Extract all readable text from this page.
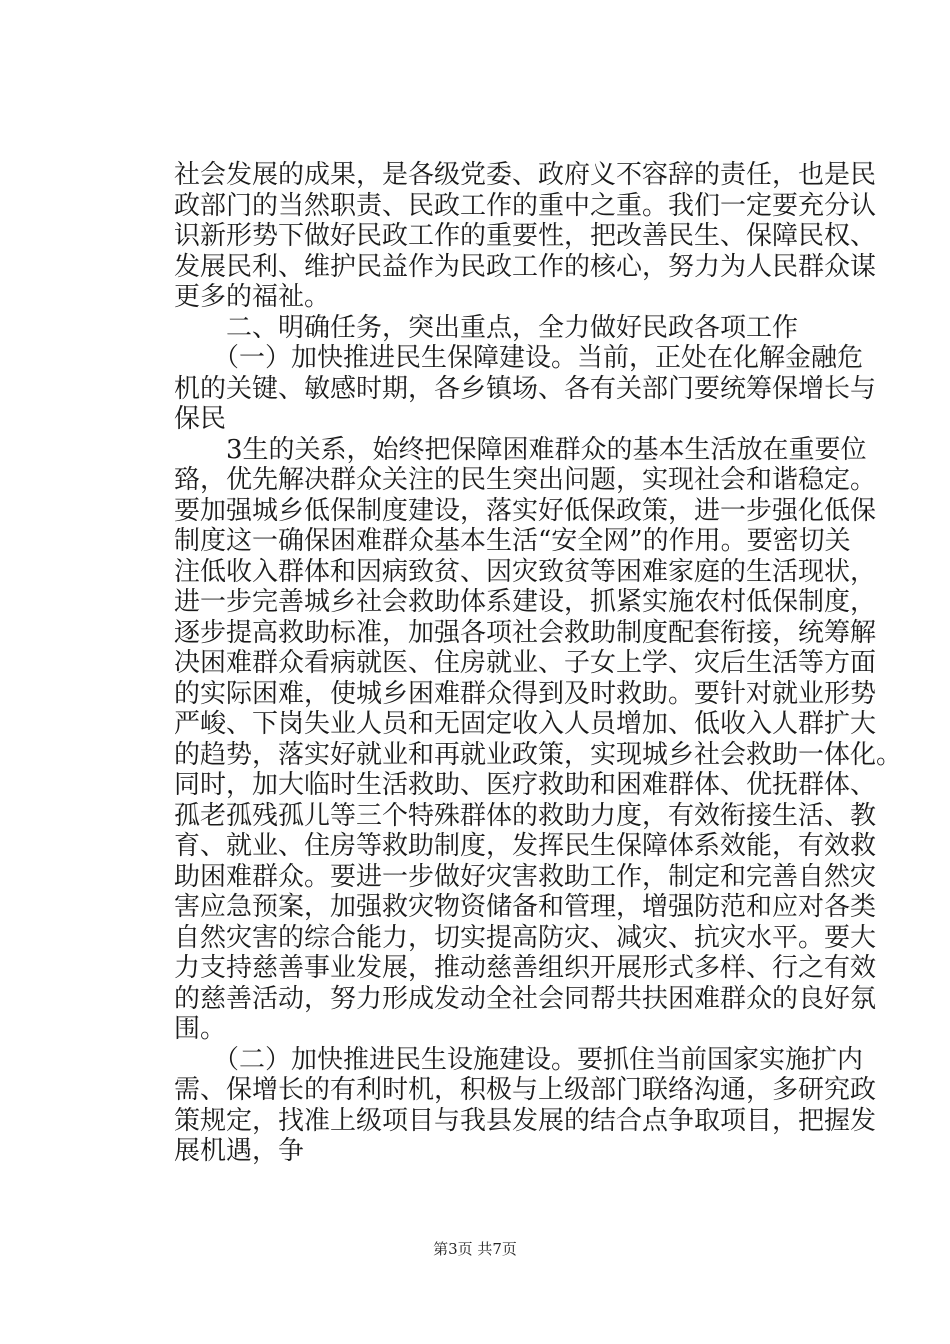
社会发展的成果，是各级党委、政府义不容辞的责任，也是民
政部门的当然职责、民政工作的重中之重。我们一定要充分认
识新形势下做好民政工作的重要性，把改善民生、保障民权、
发展民利、维护民益作为民政工作的核心，努力为人民群众谋
更多的福祉。
　　二、明确任务，突出重点，全力做好民政各项工作
　　（一）加快推进民生保障建设。当前，正处在化解金融危
机的关键、敏感时期，各乡镇场、各有关部门要统筹保增长与
保民
　　3生的关系，始终把保障困难群众的基本生活放在重要位
臵，优先解决群众关注的民生突出问题，实现社会和谐稳定。
要加强城乡低保制度建设，落实好低保政策，进一步强化低保
制度这一确保困难群众基本生活“安全网”的作用。要密切关
注低收入群体和因病致贫、因灾致贫等困难家庭的生活现状，
进一步完善城乡社会救助体系建设，抓紧实施农村低保制度，
逐步提高救助标准，加强各项社会救助制度配套衔接，统筹解
决困难群众看病就医、住房就业、子女上学、灾后生活等方面
的实际困难，使城乡困难群众得到及时救助。要针对就业形势
严峻、下岗失业人员和无固定收入人员增加、低收入人群扩大
的趋势，落实好就业和再就业政策，实现城乡社会救助一体化。
同时，加大临时生活救助、医疗救助和困难群体、优抚群体、
孤老孤残孤儿等三个特殊群体的救助力度，有效衔接生活、教
育、就业、住房等救助制度，发挥民生保障体系效能，有效救
助困难群众。要进一步做好灾害救助工作，制定和完善自然灾
害应急预案，加强救灾物资储备和管理，增强防范和应对各类
自然灾害的综合能力，切实提高防灾、减灾、抗灾水平。要大
力支持慈善事业发展，推动慈善组织开展形式多样、行之有效
的慈善活动，努力形成发动全社会同帮共扶困难群众的良好氛
围。
　　（二）加快推进民生设施建设。要抓住当前国家实施扩内
需、保增长的有利时机，积极与上级部门联络沟通，多研究政
策规定，找准上级项目与我县发展的结合点争取项目，把握发
展机遇，争
第3页 共7页
